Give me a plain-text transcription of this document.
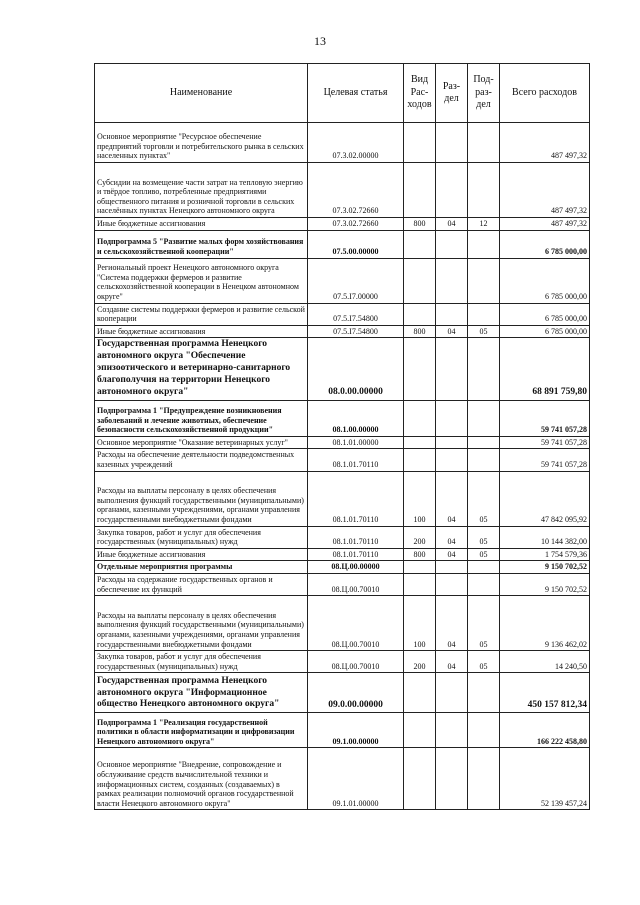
13
Наименование	Целевая статья	Вид Рас- ходов	Раз- дел	Под- раз- дел	Всего расходов
Основное мероприятие "Ресурсное обеспечение предприятий торговли и потребительского рынка в сельских населенных пунктах"	07.3.02.00000				487 497,32
Субсидии на возмещение части затрат на тепловую энергию и твёрдое топливо, потребленные предприятиями общественного питания и розничной торговли в сельских населённых пунктах Ненецкого автономного округа	07.3.02.72660				487 497,32
Иные бюджетные ассигнования	07.3.02.72660	800	04	12	487 497,32
Подпрограмма 5 "Развитие малых форм хозяйствования и сельскохозяйственной кооперации"	07.5.00.00000				6 785 000,00
Региональный проект Ненецкого автономного округа "Система поддержки фермеров и развитие сельскохозяйственной кооперации в Ненецком автономном округе"	07.5.I7.00000				6 785 000,00
Создание системы поддержки фермеров и развитие сельской кооперации	07.5.I7.54800				6 785 000,00
Иные бюджетные ассигнования	07.5.I7.54800	800	04	05	6 785 000,00
Государственная программа Ненецкого автономного округа "Обеспечение эпизоотического и ветеринарно-санитарного благополучия на территории Ненецкого автономного округа"	08.0.00.00000				68 891 759,80
Подпрограмма 1 "Предупреждение возникновения заболеваний и лечение животных, обеспечение безопасности сельскохозяйственной продукции"	08.1.00.00000				59 741 057,28
Основное мероприятие "Оказание ветеринарных услуг"	08.1.01.00000				59 741 057,28
Расходы на обеспечение деятельности подведомственных казенных учреждений	08.1.01.70110				59 741 057,28
Расходы на выплаты персоналу в целях обеспечения выполнения функций государственными (муниципальными) органами, казенными учреждениями, органами управления государственными внебюджетными фондами	08.1.01.70110	100	04	05	47 842 095,92
Закупка товаров, работ и услуг для обеспечения государственных (муниципальных) нужд	08.1.01.70110	200	04	05	10 144 382,00
Иные бюджетные ассигнования	08.1.01.70110	800	04	05	1 754 579,36
Отдельные мероприятия программы	08.Ц.00.00000				9 150 702,52
Расходы на содержание государственных органов и обеспечение их функций	08.Ц.00.70010				9 150 702,52
Расходы на выплаты персоналу в целях обеспечения выполнения функций государственными (муниципальными) органами, казенными учреждениями, органами управления государственными внебюджетными фондами	08.Ц.00.70010	100	04	05	9 136 462,02
Закупка товаров, работ и услуг для обеспечения государственных (муниципальных) нужд	08.Ц.00.70010	200	04	05	14 240,50
Государственная программа Ненецкого автономного округа "Информационное общество Ненецкого автономного округа"	09.0.00.00000				450 157 812,34
Подпрограмма 1 "Реализация государственной политики в области информатизации и цифровизации Ненецкого автономного округа"	09.1.00.00000				166 222 458,80
Основное мероприятие "Внедрение, сопровождение и обслуживание средств вычислительной техники и информационных систем, созданных (создаваемых) в рамках реализации полномочий органов государственной власти Ненецкого автономного округа"	09.1.01.00000				52 139 457,24
